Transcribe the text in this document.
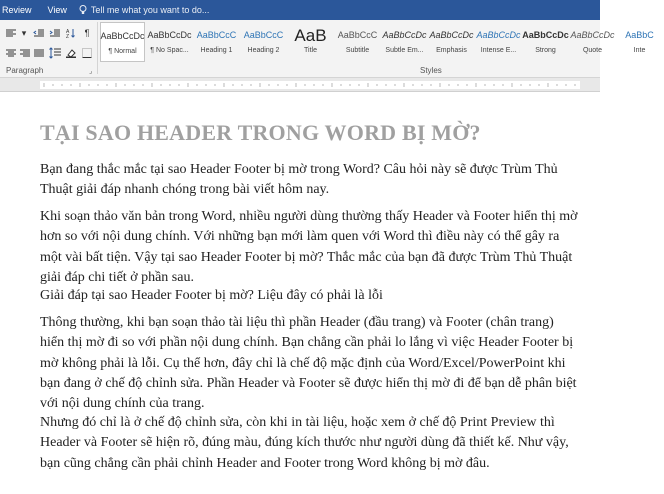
Review	View	Tell me what you want to do...
▾	A
Z	¶
Paragraph	⌟
AaBbCcDc
¶ Normal
AaBbCcDc
¶ No Spac...
AaBbCcC
Heading 1
AaBbCcC
Heading 2
AaB
Title
AaBbCcC
Subtitle
AaBbCcDc
Subtle Em...
AaBbCcDc
Emphasis
AaBbCcDc
Intense E...
AaBbCcDc
Strong
AaBbCcDc
Quote
AaBbC
Inte
Styles
TẠI SAO HEADER TRONG WORD BỊ MỜ?

Bạn đang thắc mắc tại sao Header Footer bị mờ trong Word? Câu hỏi này sẽ được Trùm Thủ Thuật giải đáp nhanh chóng trong bài viết hôm nay.

Khi soạn thảo văn bản trong Word, nhiều người dùng thường thấy Header và Footer hiển thị mờ hơn so với nội dung chính. Với những bạn mới làm quen với Word thì điều này có thể gây ra một vài bất tiện. Vậy tại sao Header Footer bị mờ? Thắc mắc của bạn đã được Trùm Thủ Thuật giải đáp chi tiết ở phần sau.

Giải đáp tại sao Header Footer bị mờ? Liệu đây có phải là lỗi

Thông thường, khi bạn soạn thảo tài liệu thì phần Header (đầu trang) và Footer (chân trang) hiển thị mờ đi so với phần nội dung chính. Bạn chẳng cần phải lo lắng vì việc Header Footer bị mờ không phải là lỗi. Cụ thể hơn, đây chỉ là chế độ mặc định của Word/Excel/PowerPoint khi bạn đang ở chế độ chỉnh sửa. Phần Header và Footer sẽ được hiển thị mờ đi để bạn dễ phân biệt với nội dung chính của trang.

Nhưng đó chỉ là ở chế độ chỉnh sửa, còn khi in tài liệu, hoặc xem ở chế độ Print Preview thì Header và Footer sẽ hiện rõ, đúng màu, đúng kích thước như người dùng đã thiết kế. Như vậy, bạn cũng chẳng cần phải chỉnh Header and Footer trong Word không bị mờ đâu.
